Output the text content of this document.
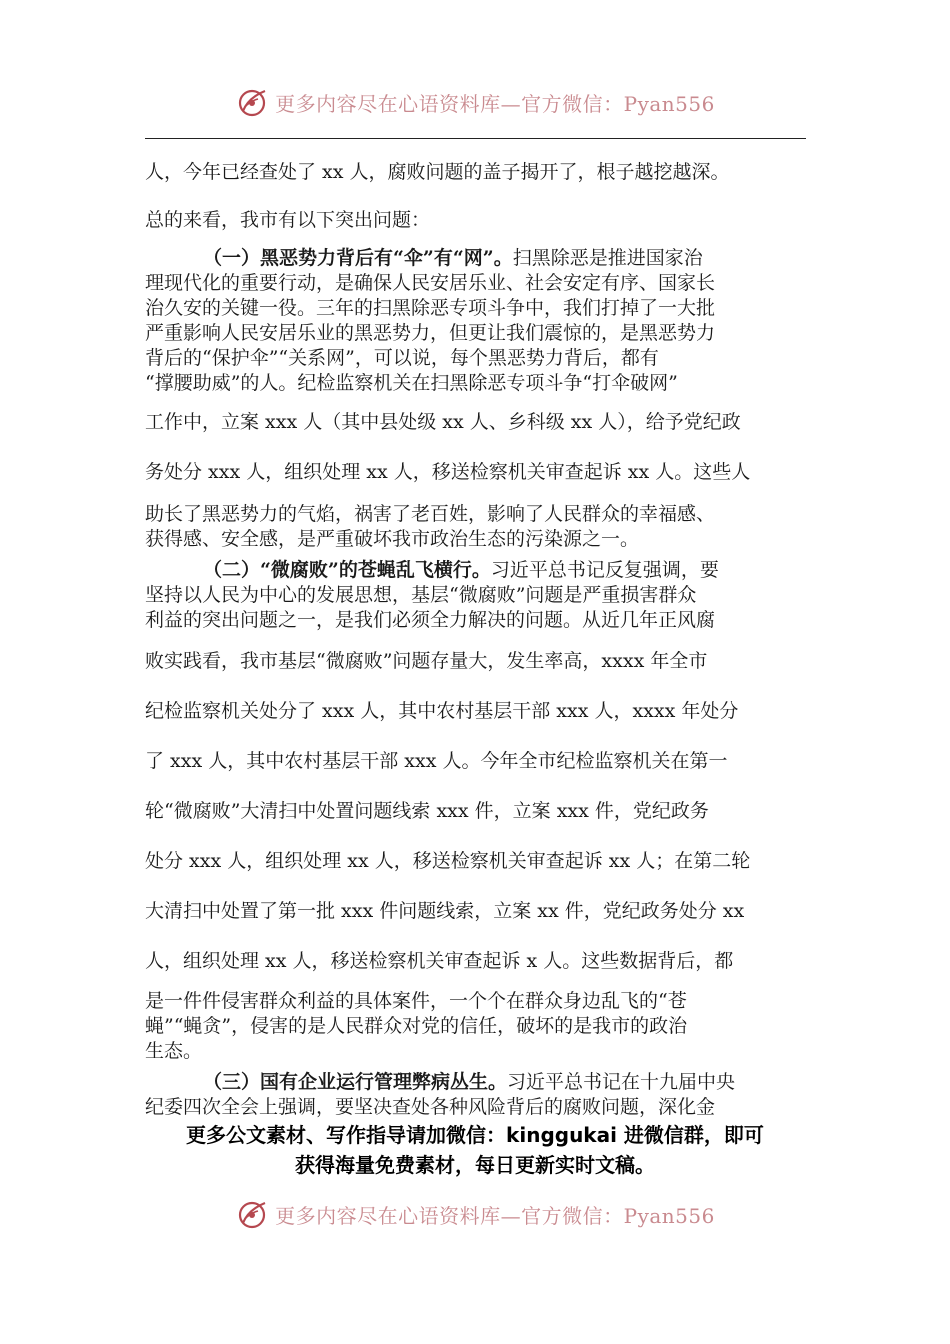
更多内容尽在心语资料库—官方微信：Pyan556
人，今年已经查处了 xx 人，腐败问题的盖子揭开了，根子越挖越深。
总的来看，我市有以下突出问题：
（一）黑恶势力背后有“伞”有“网”。扫黑除恶是推进国家治
理现代化的重要行动，是确保人民安居乐业、社会安定有序、国家长
治久安的关键一役。三年的扫黑除恶专项斗争中，我们打掉了一大批
严重影响人民安居乐业的黑恶势力，但更让我们震惊的，是黑恶势力
背后的“保护伞”“关系网”，可以说，每个黑恶势力背后，都有
“撑腰助威”的人。纪检监察机关在扫黑除恶专项斗争“打伞破网”
工作中，立案 xxx 人（其中县处级 xx 人、乡科级 xx 人），给予党纪政
务处分 xxx 人，组织处理 xx 人，移送检察机关审查起诉 xx 人。这些人
助长了黑恶势力的气焰，祸害了老百姓，影响了人民群众的幸福感、
获得感、安全感，是严重破坏我市政治生态的污染源之一。
（二）“微腐败”的苍蝇乱飞横行。习近平总书记反复强调，要
坚持以人民为中心的发展思想，基层“微腐败”问题是严重损害群众
利益的突出问题之一，是我们必须全力解决的问题。从近几年正风腐
败实践看，我市基层“微腐败”问题存量大，发生率高，xxxx 年全市
纪检监察机关处分了 xxx 人，其中农村基层干部 xxx 人，xxxx 年处分
了 xxx 人，其中农村基层干部 xxx 人。今年全市纪检监察机关在第一
轮“微腐败”大清扫中处置问题线索 xxx 件，立案 xxx 件，党纪政务
处分 xxx 人，组织处理 xx 人，移送检察机关审查起诉 xx 人；在第二轮
大清扫中处置了第一批 xxx 件问题线索，立案 xx 件，党纪政务处分 xx
人，组织处理 xx 人，移送检察机关审查起诉 x 人。这些数据背后，都
是一件件侵害群众利益的具体案件，一个个在群众身边乱飞的“苍
蝇”“蝇贪”，侵害的是人民群众对党的信任，破坏的是我市的政治
生态。
（三）国有企业运行管理弊病丛生。习近平总书记在十九届中央
纪委四次全会上强调，要坚决查处各种风险背后的腐败问题，深化金
更多公文素材、写作指导请加微信：kinggukai 进微信群，即可
获得海量免费素材，每日更新实时文稿。
更多内容尽在心语资料库—官方微信：Pyan556
